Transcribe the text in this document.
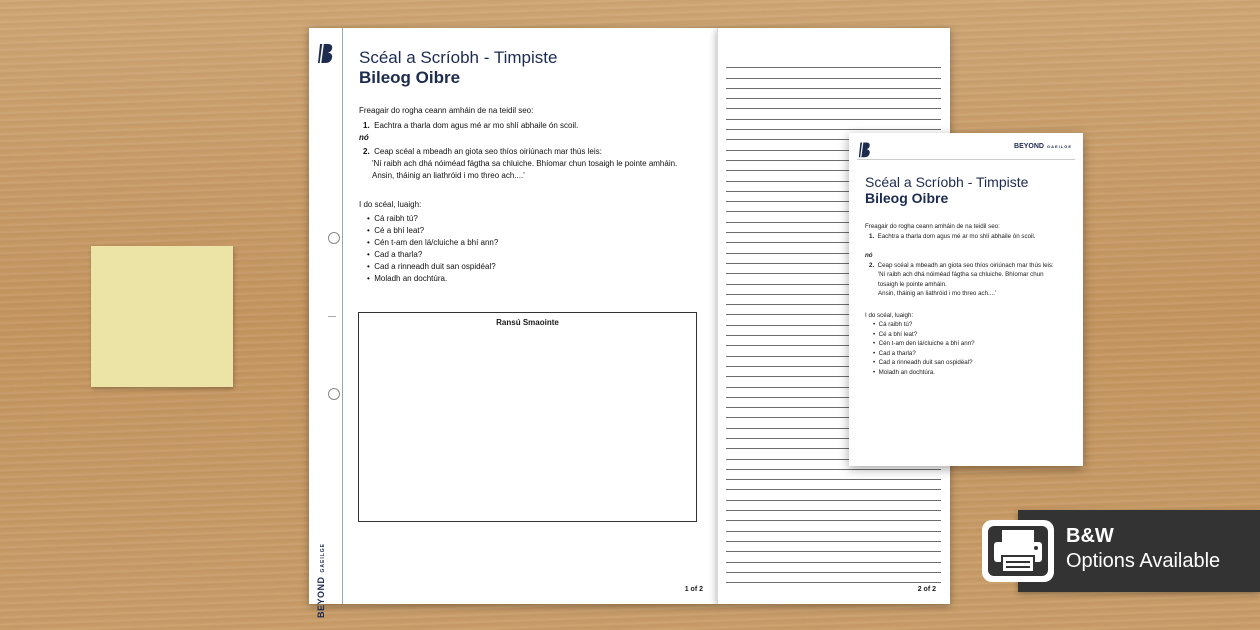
BEYONDGAEILGE
Scéal a Scríobh - Timpiste
Bileog Oibre
Freagair do rogha ceann amháin de na teidil seo:
1.  Eachtra a tharla dom agus mé ar mo shlí abhaile ón scoil.
nó
2.  Ceap scéal a mbeadh an giota seo thíos oiriúnach mar thús leis:
'Ní raibh ach dhá nóiméad fágtha sa chluiche. Bhíomar chun tosaigh le pointe amháin.
Ansin, tháinig an liathróid i mo threo ach....'
I do scéal, luaigh:
•  Cá raibh tú?
•  Cé a bhí leat?
•  Cén t-am den lá/cluiche a bhí ann?
•  Cad a tharla?
•  Cad a rinneadh duit san ospidéal?
•  Moladh an dochtúra.
Ransú Smaointe
1 of 2	2 of 2
BEYOND GAEILGE
Scéal a Scríobh - Timpiste
Bileog Oibre
Freagair do rogha ceann amháin de na teidil seo:
1.  Eachtra a tharla dom agus mé ar mo shlí abhaile ón scoil.
nó
2.  Ceap scéal a mbeadh an giota seo thíos oiriúnach mar thús leis:
'Ní raibh ach dhá nóiméad fágtha sa chluiche. Bhíomar chun
tosaigh le pointe amháin.
Ansin, tháinig an liathróid i mo threo ach....'
I do scéal, luaigh:
•  Cá raibh tú?
•  Cé a bhí leat?
•  Cén t-am den lá/cluiche a bhí ann?
•  Cad a tharla?
•  Cad a rinneadh duit san ospidéal?
•  Moladh an dochtúra.
B&W
Options Available
